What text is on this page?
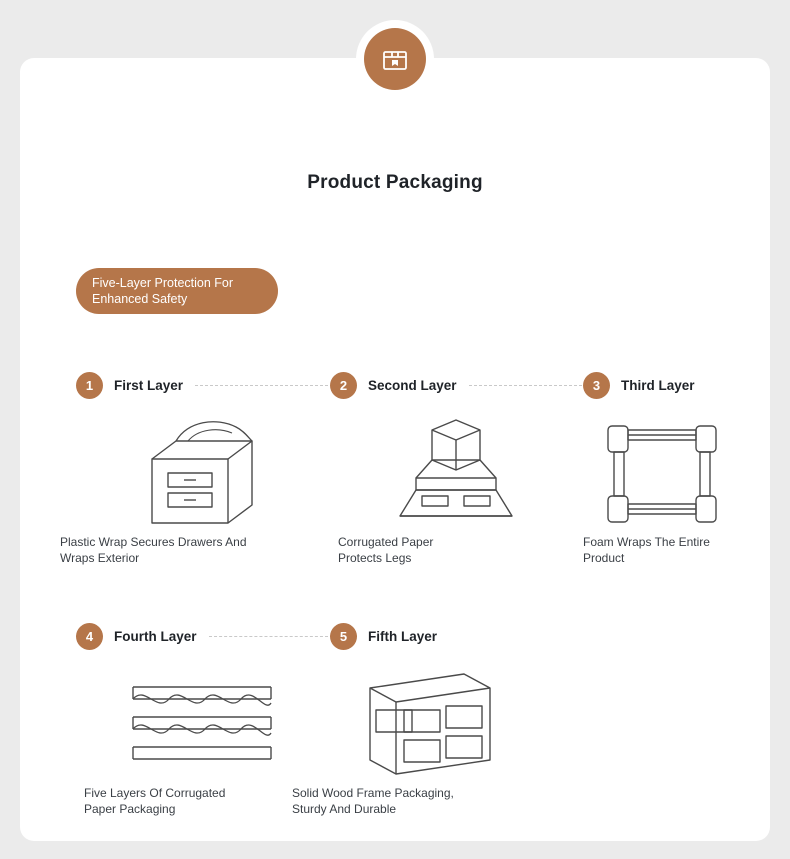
Product Packaging
Five-Layer Protection For
Enhanced Safety
1	First Layer
Plastic Wrap Secures Drawers And
Wraps Exterior
2	Second Layer
Corrugated Paper
Protects Legs
3	Third Layer
Foam Wraps The Entire
Product
4	Fourth Layer
Five Layers Of Corrugated
Paper Packaging
5	Fifth Layer
Solid Wood Frame Packaging,
Sturdy And Durable
